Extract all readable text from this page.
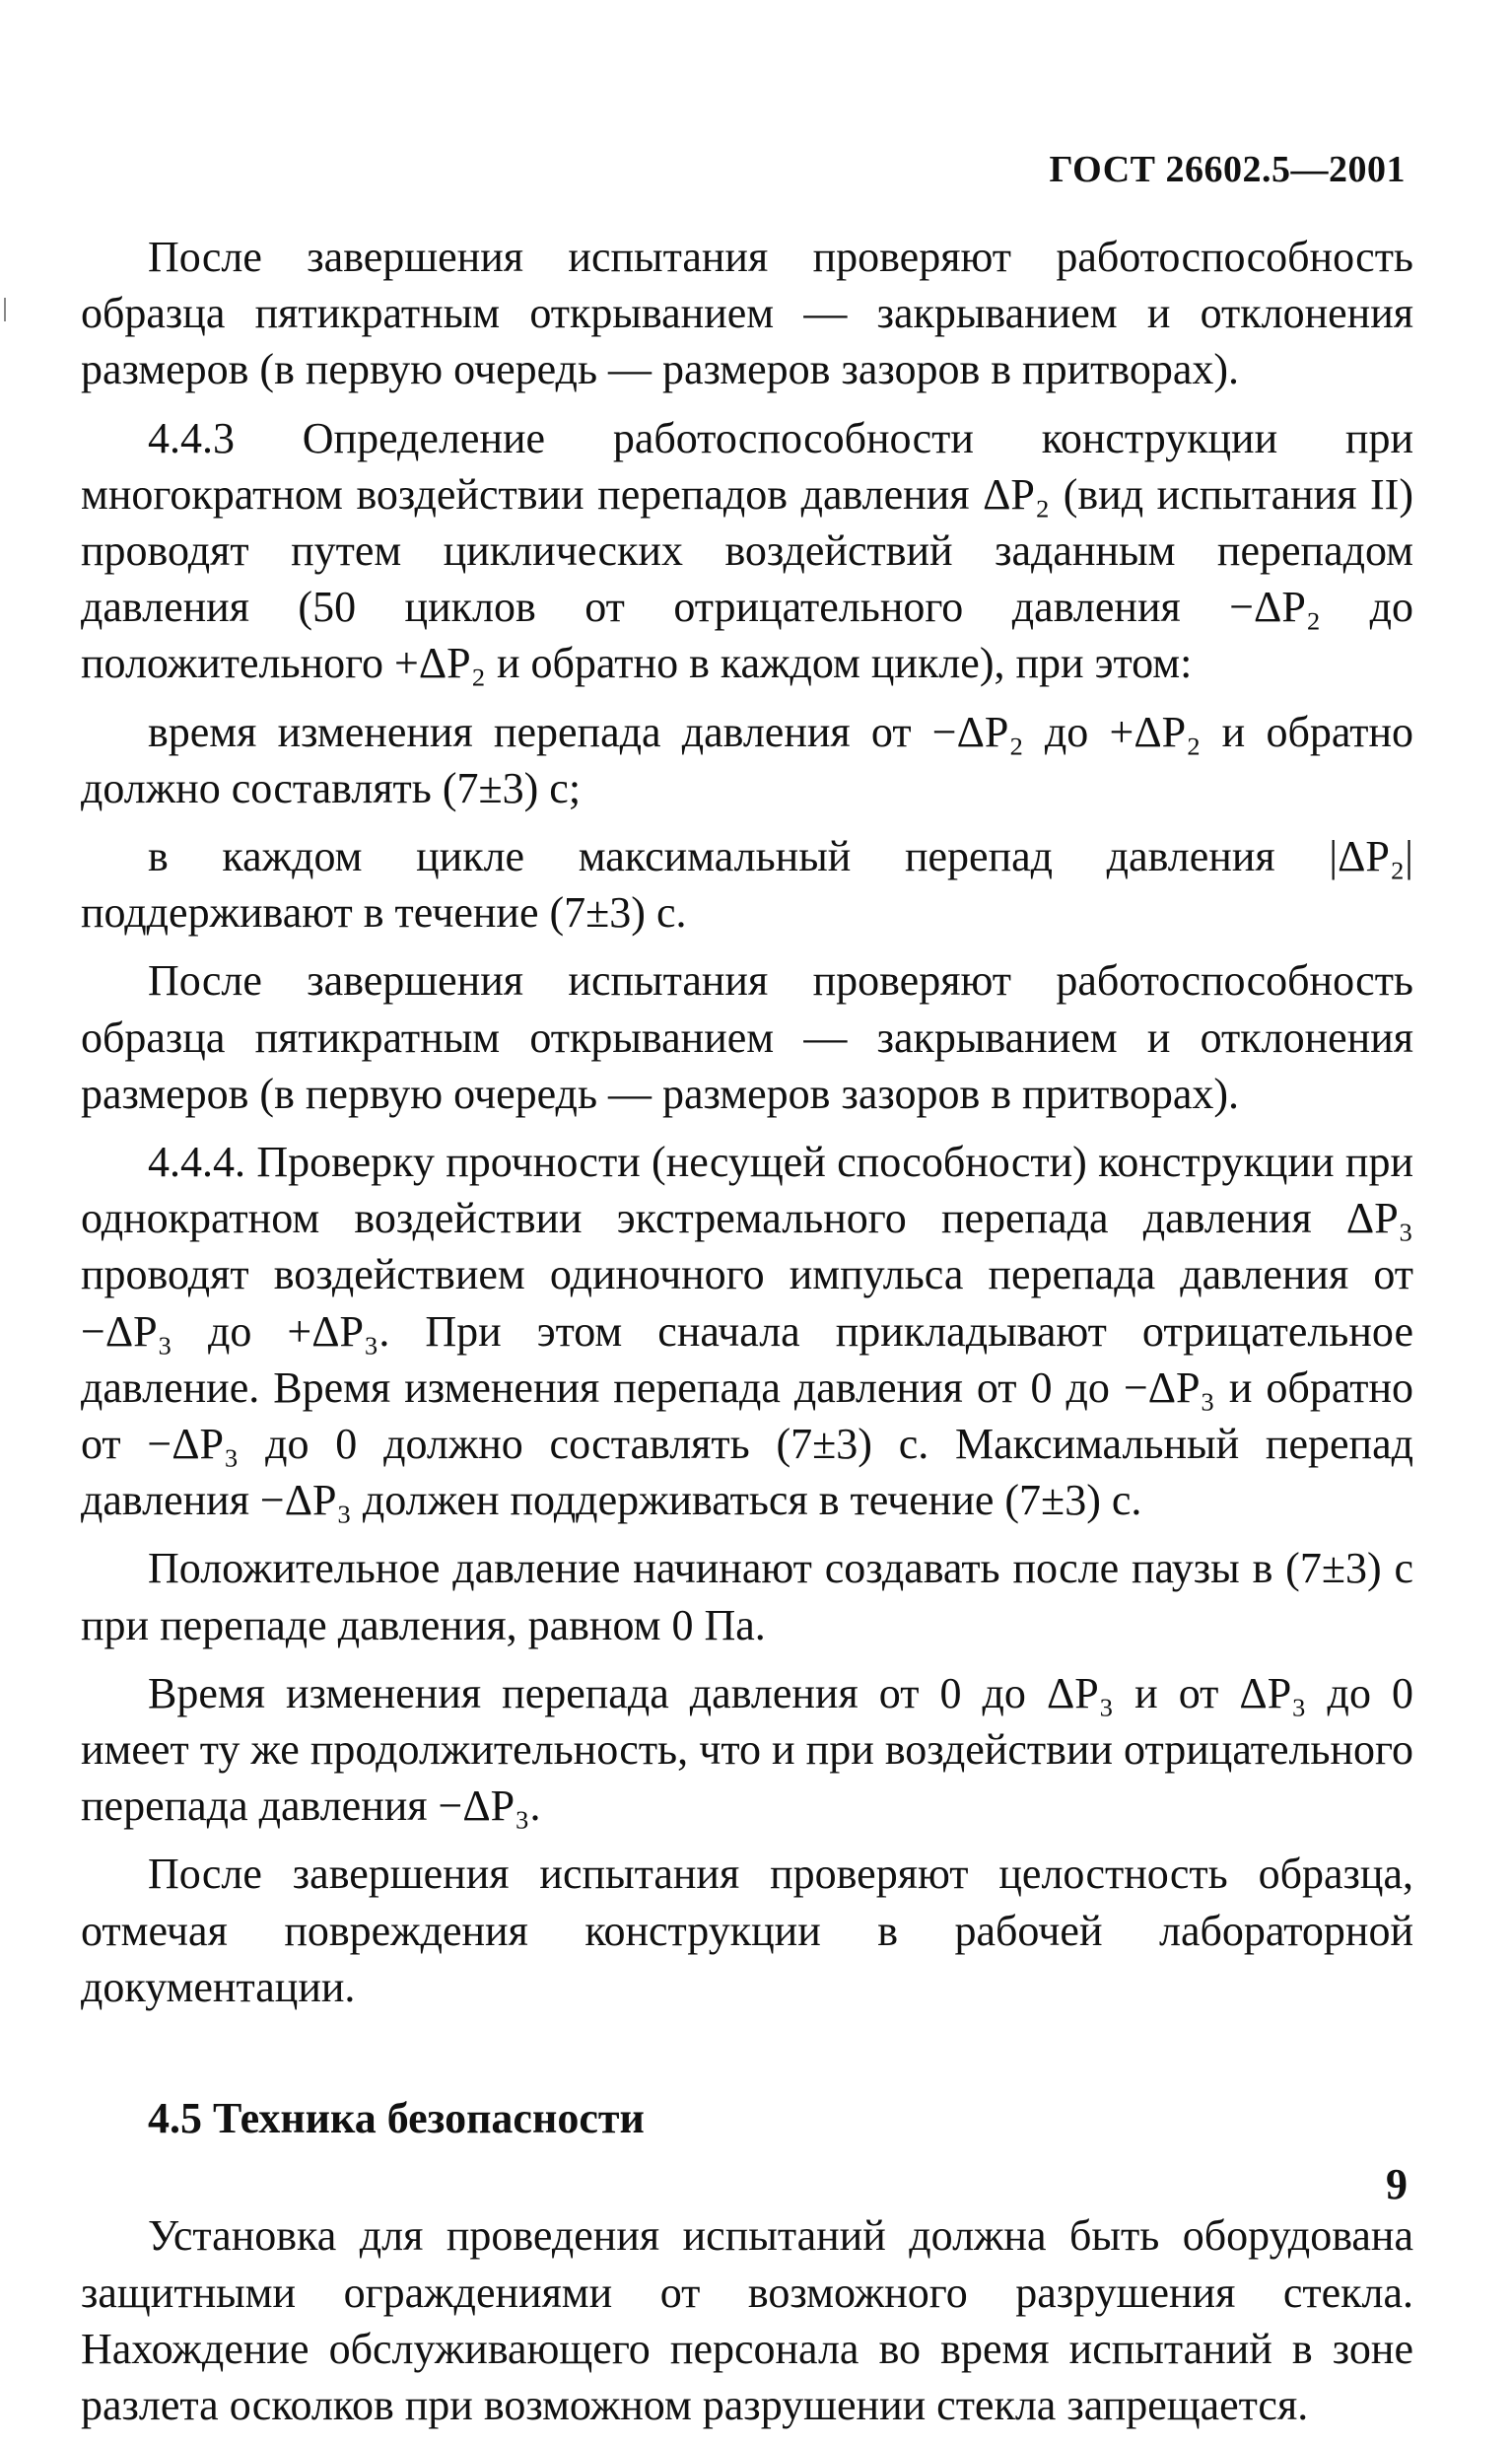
ГОСТ 26602.5—2001

После завершения испытания проверяют работоспособность образца пятикратным открыванием — закрыванием и отклонения размеров (в первую очередь — размеров зазоров в притворах).

4.4.3 Определение работоспособности конструкции при многократном воздействии перепадов давления ΔP₂ (вид испытания II) проводят путем циклических воздействий заданным перепадом давления (50 циклов от отрицательного давления −ΔP₂ до положительного +ΔP₂ и обратно в каждом цикле), при этом:

время изменения перепада давления от −ΔP₂ до +ΔP₂ и обратно должно составлять (7±3) с;

в каждом цикле максимальный перепад давления |ΔP₂| поддерживают в течение (7±3) с.

После завершения испытания проверяют работоспособность образца пятикратным открыванием — закрыванием и отклонения размеров (в первую очередь — размеров зазоров в притворах).

4.4.4. Проверку прочности (несущей способности) конструкции при однократном воздействии экстремального перепада давления ΔP₃ проводят воздействием одиночного импульса перепада давления от −ΔP₃ до +ΔP₃. При этом сначала прикладывают отрицательное давление. Время изменения перепада давления от 0 до −ΔP₃ и обратно от −ΔP₃ до 0 должно составлять (7±3) с. Максимальный перепад давления −ΔP₃ должен поддерживаться в течение (7±3) с.

Положительное давление начинают создавать после паузы в (7±3) с при перепаде давления, равном 0 Па.

Время изменения перепада давления от 0 до ΔP₃ и от ΔP₃ до 0 имеет ту же продолжительность, что и при воздействии отрицательного перепада давления −ΔP₃.

После завершения испытания проверяют целостность образца, отмечая повреждения конструкции в рабочей лабораторной документации.

4.5 Техника безопасности

Установка для проведения испытаний должна быть оборудована защитными ограждениями от возможного разрушения стекла. Нахождение обслуживающего персонала во время испытаний в зоне разлета осколков при возможном разрушении стекла запрещается.

9
